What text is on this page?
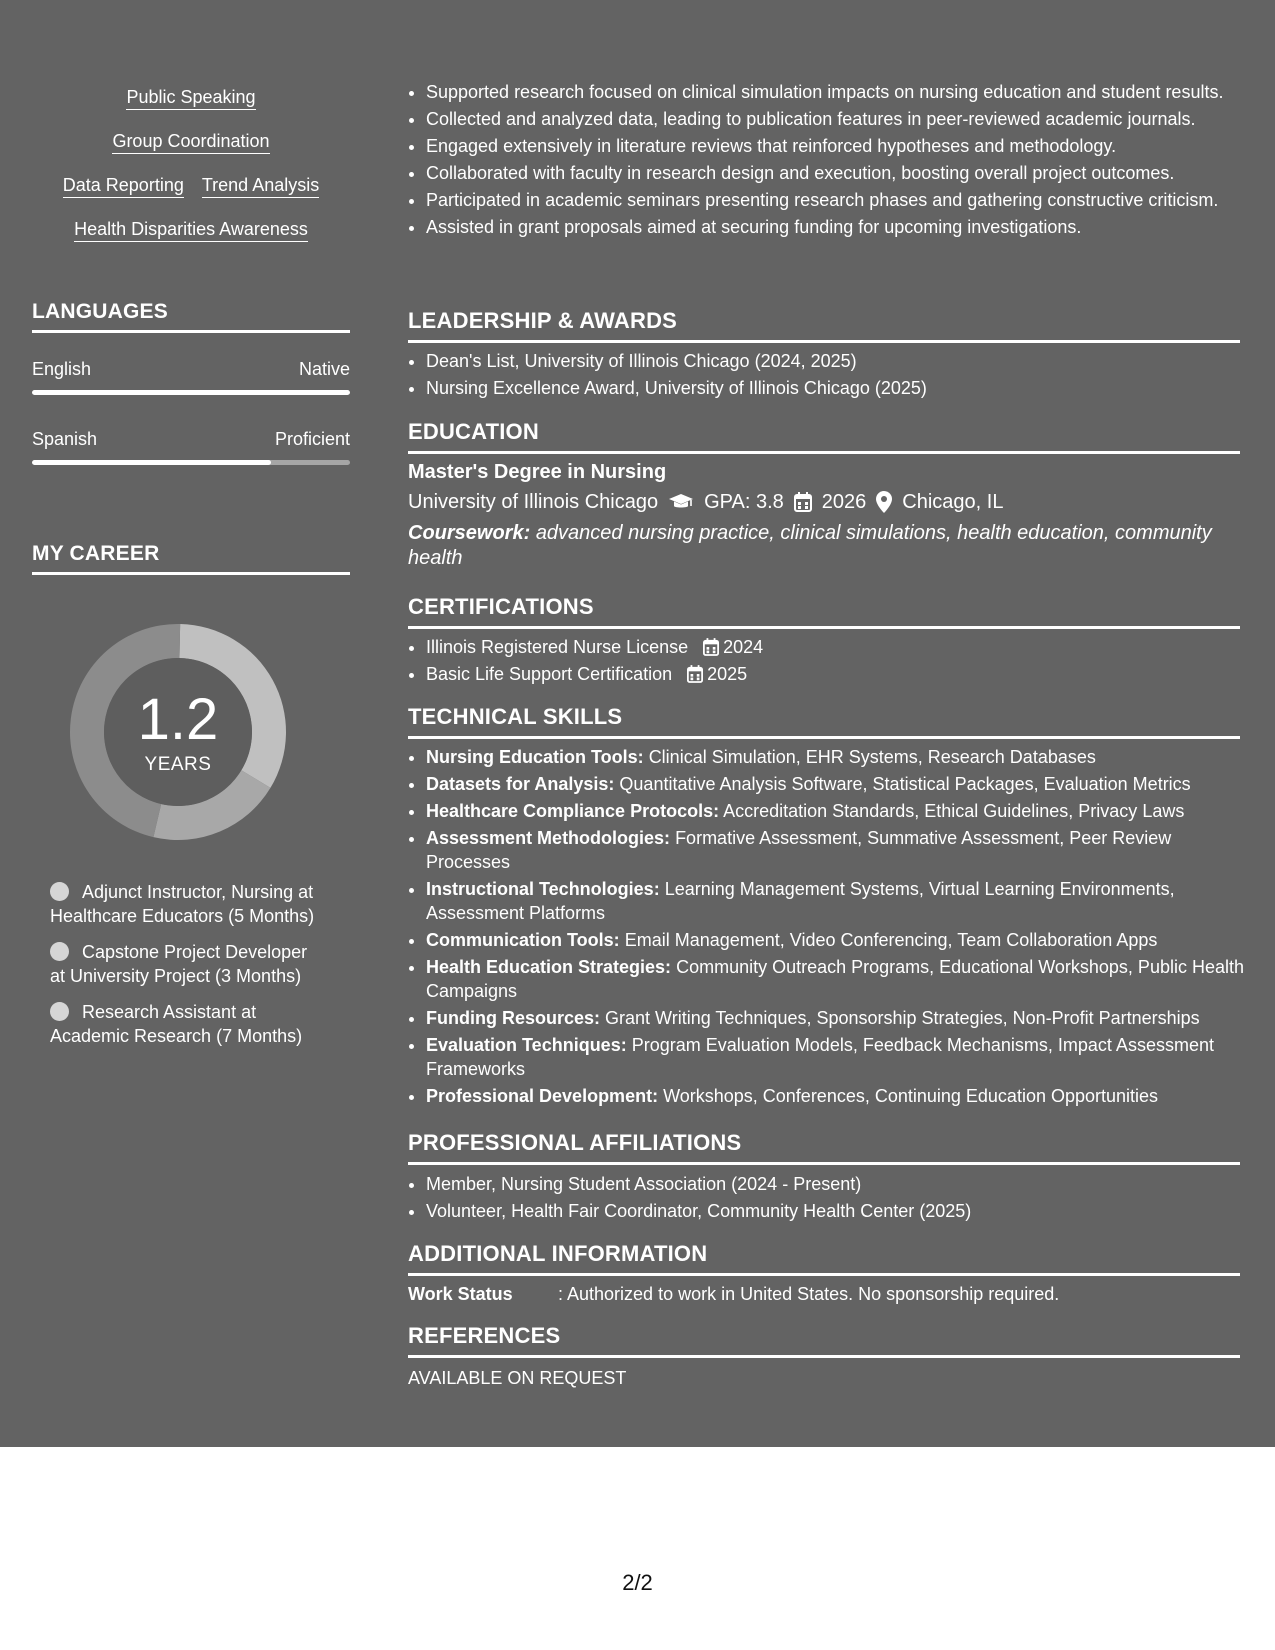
Public Speaking
Group Coordination
Data Reporting Trend Analysis
Health Disparities Awareness
LANGUAGES
English	Native
Spanish	Proficient
MY CAREER
1.2
YEARS
Adjunct Instructor, Nursing at Healthcare Educators (5 Months)
Capstone Project Developer at University Project (3 Months)
Research Assistant at Academic Research (7 Months)
• Supported research focused on clinical simulation impacts on nursing education and student results.
• Collected and analyzed data, leading to publication features in peer-reviewed academic journals.
• Engaged extensively in literature reviews that reinforced hypotheses and methodology.
• Collaborated with faculty in research design and execution, boosting overall project outcomes.
• Participated in academic seminars presenting research phases and gathering constructive criticism.
• Assisted in grant proposals aimed at securing funding for upcoming investigations.
LEADERSHIP & AWARDS
• Dean's List, University of Illinois Chicago (2024, 2025)
• Nursing Excellence Award, University of Illinois Chicago (2025)
EDUCATION
Master's Degree in Nursing
University of Illinois Chicago GPA: 3.8 2026 Chicago, IL
Coursework: advanced nursing practice, clinical simulations, health education, community health
CERTIFICATIONS
• Illinois Registered Nurse License 2024
• Basic Life Support Certification 2025
TECHNICAL SKILLS
• Nursing Education Tools: Clinical Simulation, EHR Systems, Research Databases
• Datasets for Analysis: Quantitative Analysis Software, Statistical Packages, Evaluation Metrics
• Healthcare Compliance Protocols: Accreditation Standards, Ethical Guidelines, Privacy Laws
• Assessment Methodologies: Formative Assessment, Summative Assessment, Peer Review Processes
• Instructional Technologies: Learning Management Systems, Virtual Learning Environments, Assessment Platforms
• Communication Tools: Email Management, Video Conferencing, Team Collaboration Apps
• Health Education Strategies: Community Outreach Programs, Educational Workshops, Public Health Campaigns
• Funding Resources: Grant Writing Techniques, Sponsorship Strategies, Non-Profit Partnerships
• Evaluation Techniques: Program Evaluation Models, Feedback Mechanisms, Impact Assessment Frameworks
• Professional Development: Workshops, Conferences, Continuing Education Opportunities
PROFESSIONAL AFFILIATIONS
• Member, Nursing Student Association (2024 - Present)
• Volunteer, Health Fair Coordinator, Community Health Center (2025)
ADDITIONAL INFORMATION
Work Status	: Authorized to work in United States. No sponsorship required.
REFERENCES
AVAILABLE ON REQUEST
2/2
